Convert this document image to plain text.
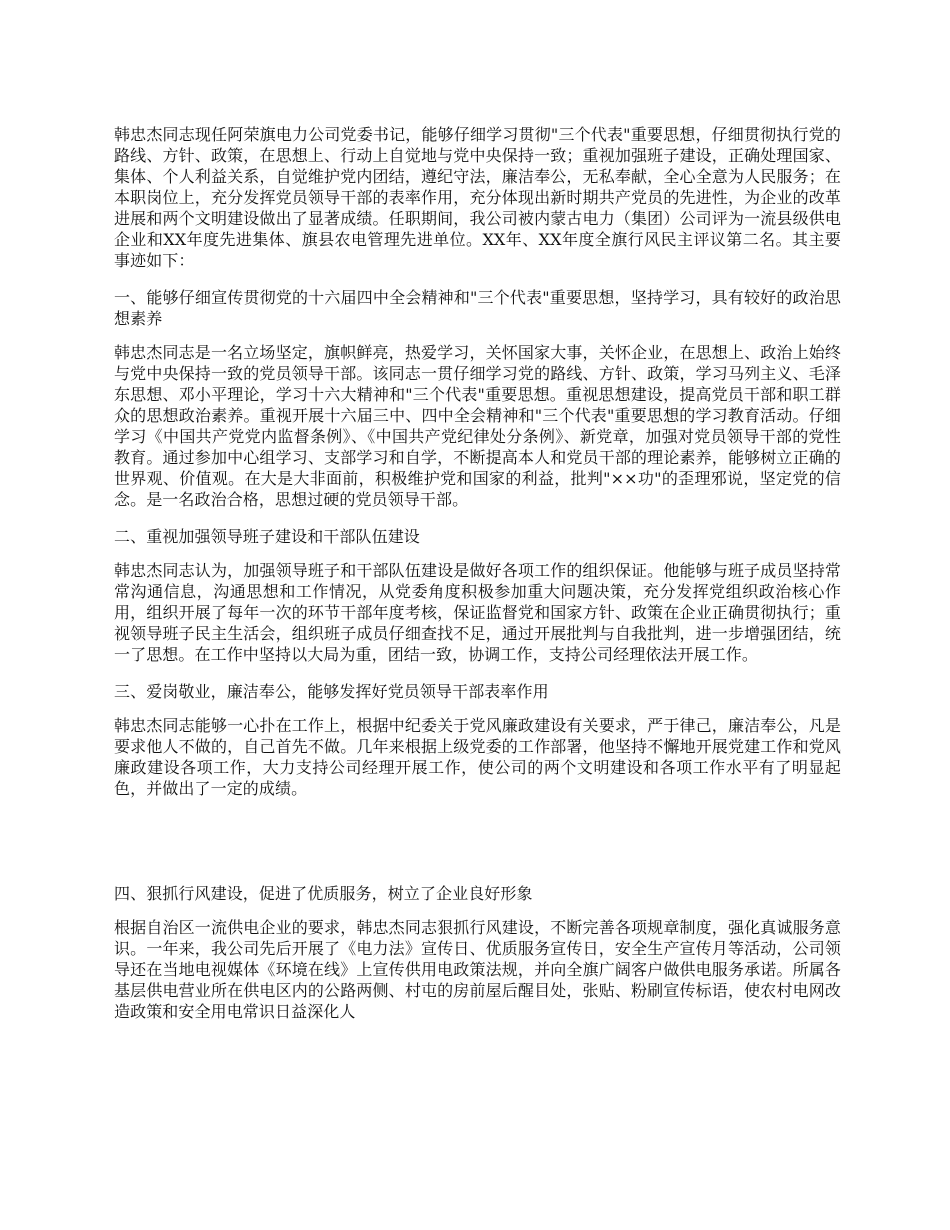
韩忠杰同志现任阿荣旗电力公司党委书记，能够仔细学习贯彻"三个代表"重要思想，仔细贯彻执行党的路线、方针、政策，在思想上、行动上自觉地与党中央保持一致；重视加强班子建设，正确处理国家、集体、个人利益关系，自觉维护党内团结，遵纪守法，廉洁奉公，无私奉献，全心全意为人民服务；在本职岗位上，充分发挥党员领导干部的表率作用，充分体现出新时期共产党员的先进性，为企业的改革进展和两个文明建设做出了显著成绩。任职期间，我公司被内蒙古电力（集团）公司评为一流县级供电企业和XX年度先进集体、旗县农电管理先进单位。XX年、XX年度全旗行风民主评议第二名。其主要事迹如下：

一、能够仔细宣传贯彻党的十六届四中全会精神和"三个代表"重要思想，坚持学习，具有较好的政治思想素养

韩忠杰同志是一名立场坚定，旗帜鲜亮，热爱学习，关怀国家大事，关怀企业，在思想上、政治上始终与党中央保持一致的党员领导干部。该同志一贯仔细学习党的路线、方针、政策，学习马列主义、毛泽东思想、邓小平理论，学习十六大精神和"三个代表"重要思想。重视思想建设，提高党员干部和职工群众的思想政治素养。重视开展十六届三中、四中全会精神和"三个代表"重要思想的学习教育活动。仔细学习《中国共产党党内监督条例》、《中国共产党纪律处分条例》、新党章，加强对党员领导干部的党性教育。通过参加中心组学习、支部学习和自学，不断提高本人和党员干部的理论素养，能够树立正确的世界观、价值观。在大是大非面前，积极维护党和国家的利益，批判"××功"的歪理邪说，坚定党的信念。是一名政治合格，思想过硬的党员领导干部。

二、重视加强领导班子建设和干部队伍建设

韩忠杰同志认为，加强领导班子和干部队伍建设是做好各项工作的组织保证。他能够与班子成员坚持常常沟通信息，沟通思想和工作情况，从党委角度积极参加重大问题决策，充分发挥党组织政治核心作用，组织开展了每年一次的环节干部年度考核，保证监督党和国家方针、政策在企业正确贯彻执行；重视领导班子民主生活会，组织班子成员仔细查找不足，通过开展批判与自我批判，进一步增强团结，统一了思想。在工作中坚持以大局为重，团结一致，协调工作，支持公司经理依法开展工作。

三、爱岗敬业，廉洁奉公，能够发挥好党员领导干部表率作用

韩忠杰同志能够一心扑在工作上，根据中纪委关于党风廉政建设有关要求，严于律己，廉洁奉公，凡是要求他人不做的，自己首先不做。几年来根据上级党委的工作部署，他坚持不懈地开展党建工作和党风廉政建设各项工作，大力支持公司经理开展工作，使公司的两个文明建设和各项工作水平有了明显起色，并做出了一定的成绩。

四、狠抓行风建设，促进了优质服务，树立了企业良好形象

根据自治区一流供电企业的要求，韩忠杰同志狠抓行风建设，不断完善各项规章制度，强化真诚服务意识。一年来，我公司先后开展了《电力法》宣传日、优质服务宣传日，安全生产宣传月等活动，公司领导还在当地电视媒体《环境在线》上宣传供用电政策法规，并向全旗广阔客户做供电服务承诺。所属各基层供电营业所在供电区内的公路两侧、村屯的房前屋后醒目处，张贴、粉刷宣传标语，使农村电网改造政策和安全用电常识日益深化人
